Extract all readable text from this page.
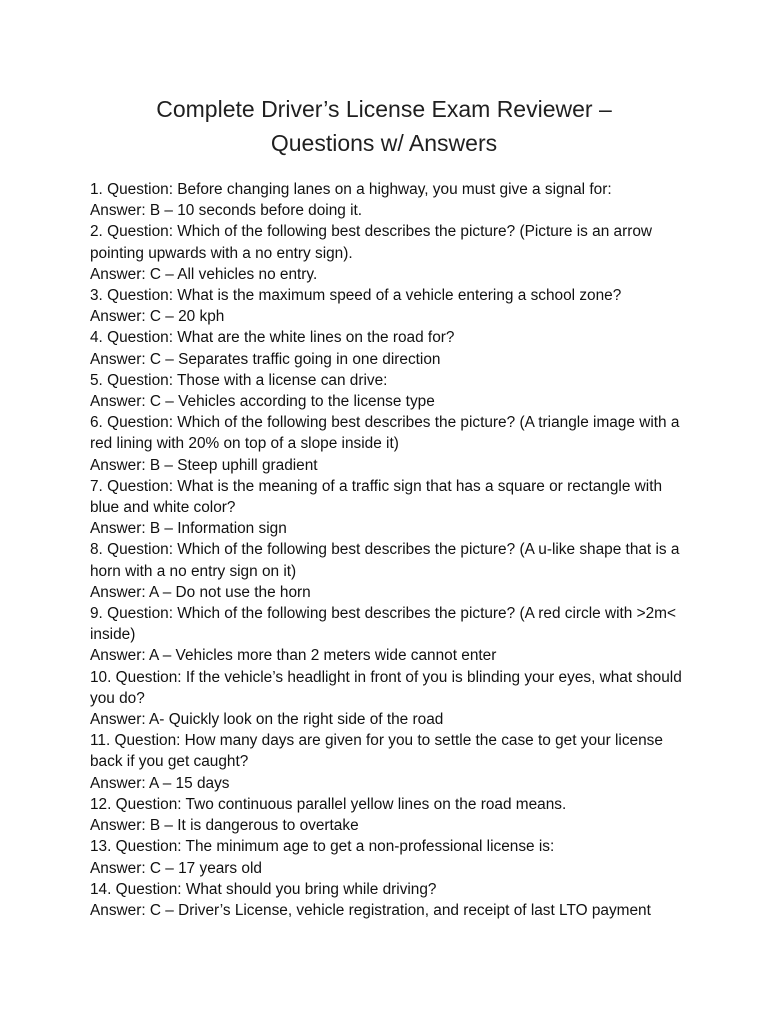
Complete Driver’s License Exam Reviewer –
Questions w/ Answers

1. Question: Before changing lanes on a highway, you must give a signal for:

Answer: B – 10 seconds before doing it.

2. Question: Which of the following best describes the picture? (Picture is an arrow pointing upwards with a no entry sign).

Answer: C – All vehicles no entry.

3. Question: What is the maximum speed of a vehicle entering a school zone?

Answer: C – 20 kph

4. Question: What are the white lines on the road for?

Answer: C – Separates traffic going in one direction

5. Question: Those with a license can drive:

Answer: C – Vehicles according to the license type

6. Question: Which of the following best describes the picture? (A triangle image with a red lining with 20% on top of a slope inside it)

Answer: B – Steep uphill gradient

7. Question: What is the meaning of a traffic sign that has a square or rectangle with blue and white color?

Answer: B – Information sign

8. Question: Which of the following best describes the picture? (A u-like shape that is a horn with a no entry sign on it)

Answer: A – Do not use the horn

9. Question: Which of the following best describes the picture? (A red circle with >2m< inside)

Answer: A – Vehicles more than 2 meters wide cannot enter

10. Question: If the vehicle’s headlight in front of you is blinding your eyes, what should you do?

Answer: A- Quickly look on the right side of the road

11. Question: How many days are given for you to settle the case to get your license back if you get caught?

Answer: A – 15 days

12. Question: Two continuous parallel yellow lines on the road means.

Answer: B – It is dangerous to overtake

13. Question: The minimum age to get a non-professional license is:

Answer: C – 17 years old

14. Question: What should you bring while driving?

Answer: C – Driver’s License, vehicle registration, and receipt of last LTO payment
